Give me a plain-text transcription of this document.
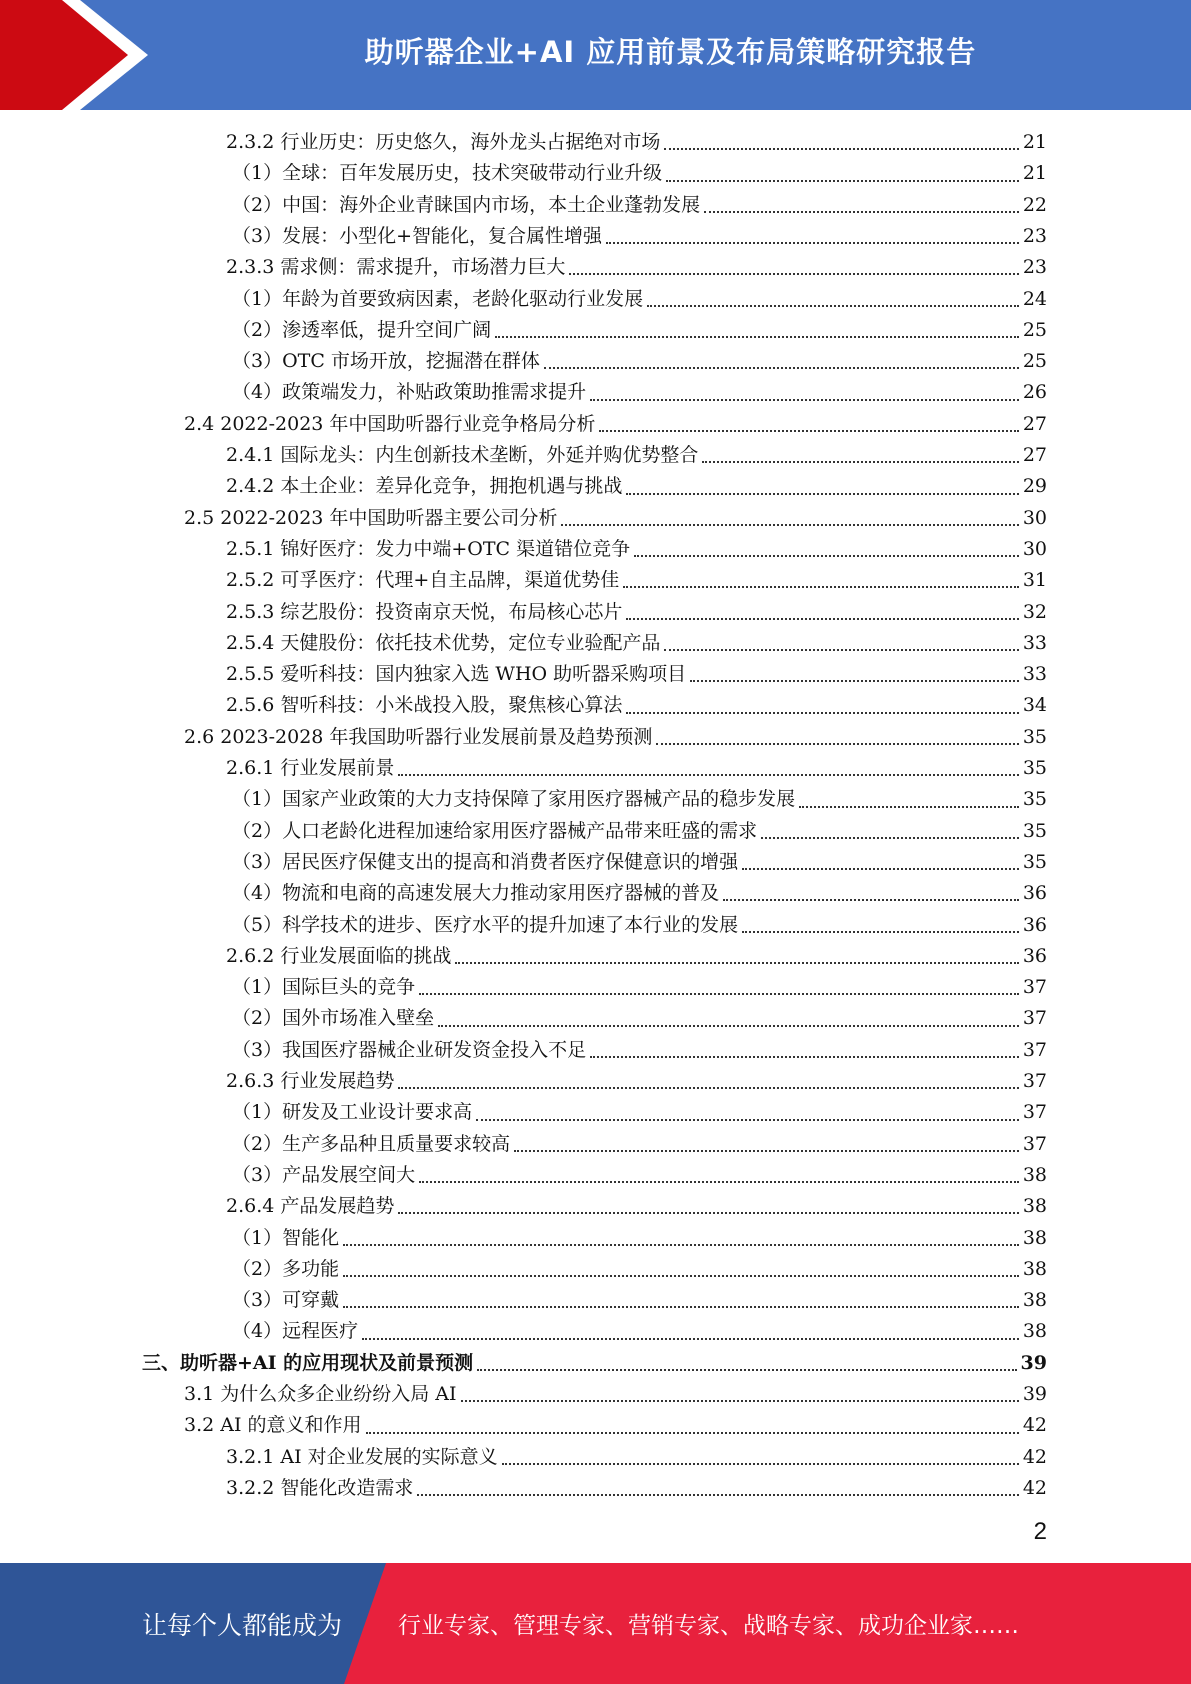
助听器企业+AI 应用前景及布局策略研究报告
2.3.2 行业历史：历史悠久，海外龙头占据绝对市场	21
（1）全球：百年发展历史，技术突破带动行业升级	21
（2）中国：海外企业青睐国内市场，本土企业蓬勃发展	22
（3）发展：小型化+智能化，复合属性增强	23
2.3.3 需求侧：需求提升，市场潜力巨大	23
（1）年龄为首要致病因素，老龄化驱动行业发展	24
（2）渗透率低，提升空间广阔	25
（3）OTC 市场开放，挖掘潜在群体	25
（4）政策端发力，补贴政策助推需求提升	26
2.4 2022-2023 年中国助听器行业竞争格局分析	27
2.4.1 国际龙头：内生创新技术垄断，外延并购优势整合	27
2.4.2 本土企业：差异化竞争，拥抱机遇与挑战	29
2.5 2022-2023 年中国助听器主要公司分析	30
2.5.1 锦好医疗：发力中端+OTC 渠道错位竞争	30
2.5.2 可孚医疗：代理+自主品牌，渠道优势佳	31
2.5.3 综艺股份：投资南京天悦，布局核心芯片	32
2.5.4 天健股份：依托技术优势，定位专业验配产品	33
2.5.5 爱听科技：国内独家入选 WHO 助听器采购项目	33
2.5.6 智听科技：小米战投入股，聚焦核心算法	34
2.6 2023-2028 年我国助听器行业发展前景及趋势预测	35
2.6.1 行业发展前景	35
（1）国家产业政策的大力支持保障了家用医疗器械产品的稳步发展	35
（2）人口老龄化进程加速给家用医疗器械产品带来旺盛的需求	35
（3）居民医疗保健支出的提高和消费者医疗保健意识的增强	35
（4）物流和电商的高速发展大力推动家用医疗器械的普及	36
（5）科学技术的进步、医疗水平的提升加速了本行业的发展	36
2.6.2 行业发展面临的挑战	36
（1）国际巨头的竞争	37
（2）国外市场准入壁垒	37
（3）我国医疗器械企业研发资金投入不足	37
2.6.3 行业发展趋势	37
（1）研发及工业设计要求高	37
（2）生产多品种且质量要求较高	37
（3）产品发展空间大	38
2.6.4 产品发展趋势	38
（1）智能化	38
（2）多功能	38
（3）可穿戴	38
（4）远程医疗	38
三、助听器+AI 的应用现状及前景预测	39
3.1 为什么众多企业纷纷入局 AI	39
3.2 AI 的意义和作用	42
3.2.1 AI 对企业发展的实际意义	42
3.2.2 智能化改造需求	42
2
让每个人都能成为 行业专家、管理专家、营销专家、战略专家、成功企业家……
